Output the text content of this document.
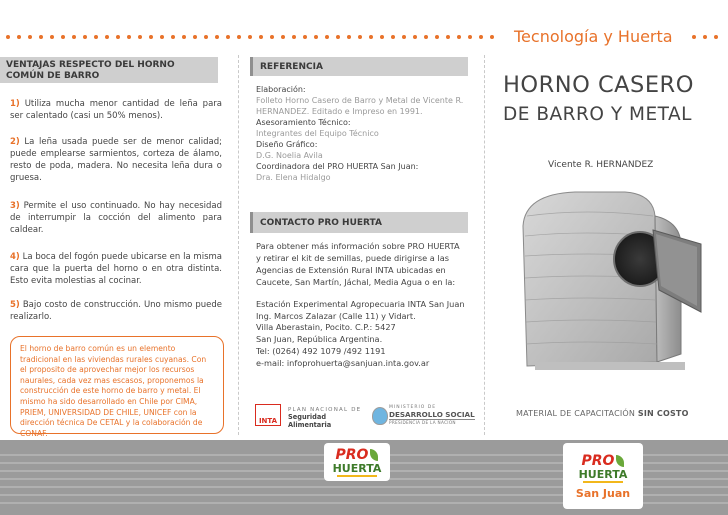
Tecnología y Huerta
VENTAJAS RESPECTO DEL HORNO COMÚN DE BARRO
1) Utiliza mucha menor cantidad de leña para ser calentado (casi un 50% menos).
2) La leña usada puede ser de menor calidad; puede emplearse sarmientos, corteza de álamo, resto de poda, madera. No necesita leña dura o gruesa.
3) Permite el uso continuado. No hay necesidad de interrumpir la cocción del alimento para caldear.
4) La boca del fogón puede ubicarse en la misma cara que la puerta del horno o en otra distinta. Esto evita molestias al cocinar.
5) Bajo costo de construcción. Uno mismo puede realizarlo.
El horno de barro común es un elemento tradicional en las viviendas rurales cuyanas. Con el proposito de aprovechar mejor los recursos naurales, cada vez mas escasos, proponemos la construcción de este horno de barro y metal. El mismo ha sido desarrollado en Chile por CIMA, PRIEM, UNIVERSIDAD DE CHILE, UNICEF con la dirección técnica De CETAL y la colaboración de CONAF.
REFERENCIA
Elaboración:
Folleto Horno Casero de Barro y Metal de Vicente R. HERNANDEZ. Editado e Impreso en 1991.
Asesoramiento Técnico:
Integrantes del Equipo Técnico
Diseño Gráfico:
D.G. Noelia Avila
Coordinadora del PRO HUERTA San Juan:
Dra. Elena Hidalgo
CONTACTO PRO HUERTA
Para obtener más información sobre PRO HUERTA y retirar el kit de semillas, puede dirigirse a las Agencias de Extensión Rural INTA ubicadas en Caucete, San Martín, Jáchal, Media Agua o en la:
Estación Experimental Agropecuaria INTA San Juan
Ing. Marcos Zalazar (Calle 11) y Vidart.
Villa Aberastain, Pocito. C.P.: 5427
San Juan, República Argentina.
Tel: (0264) 492 1079 /492 1191
e-mail: infoprohuerta@sanjuan.inta.gov.ar
INTA
PLAN NACIONAL DE
Seguridad Alimentaria
MINISTERIO DE
DESARROLLO SOCIAL
PRESIDENCIA DE LA NACION
HORNO CASERO
DE BARRO Y METAL
Vicente R. HERNANDEZ
MATERIAL DE CAPACITACIÓN SIN COSTO
PRO
HUERTA	PRO
HUERTA
San Juan
